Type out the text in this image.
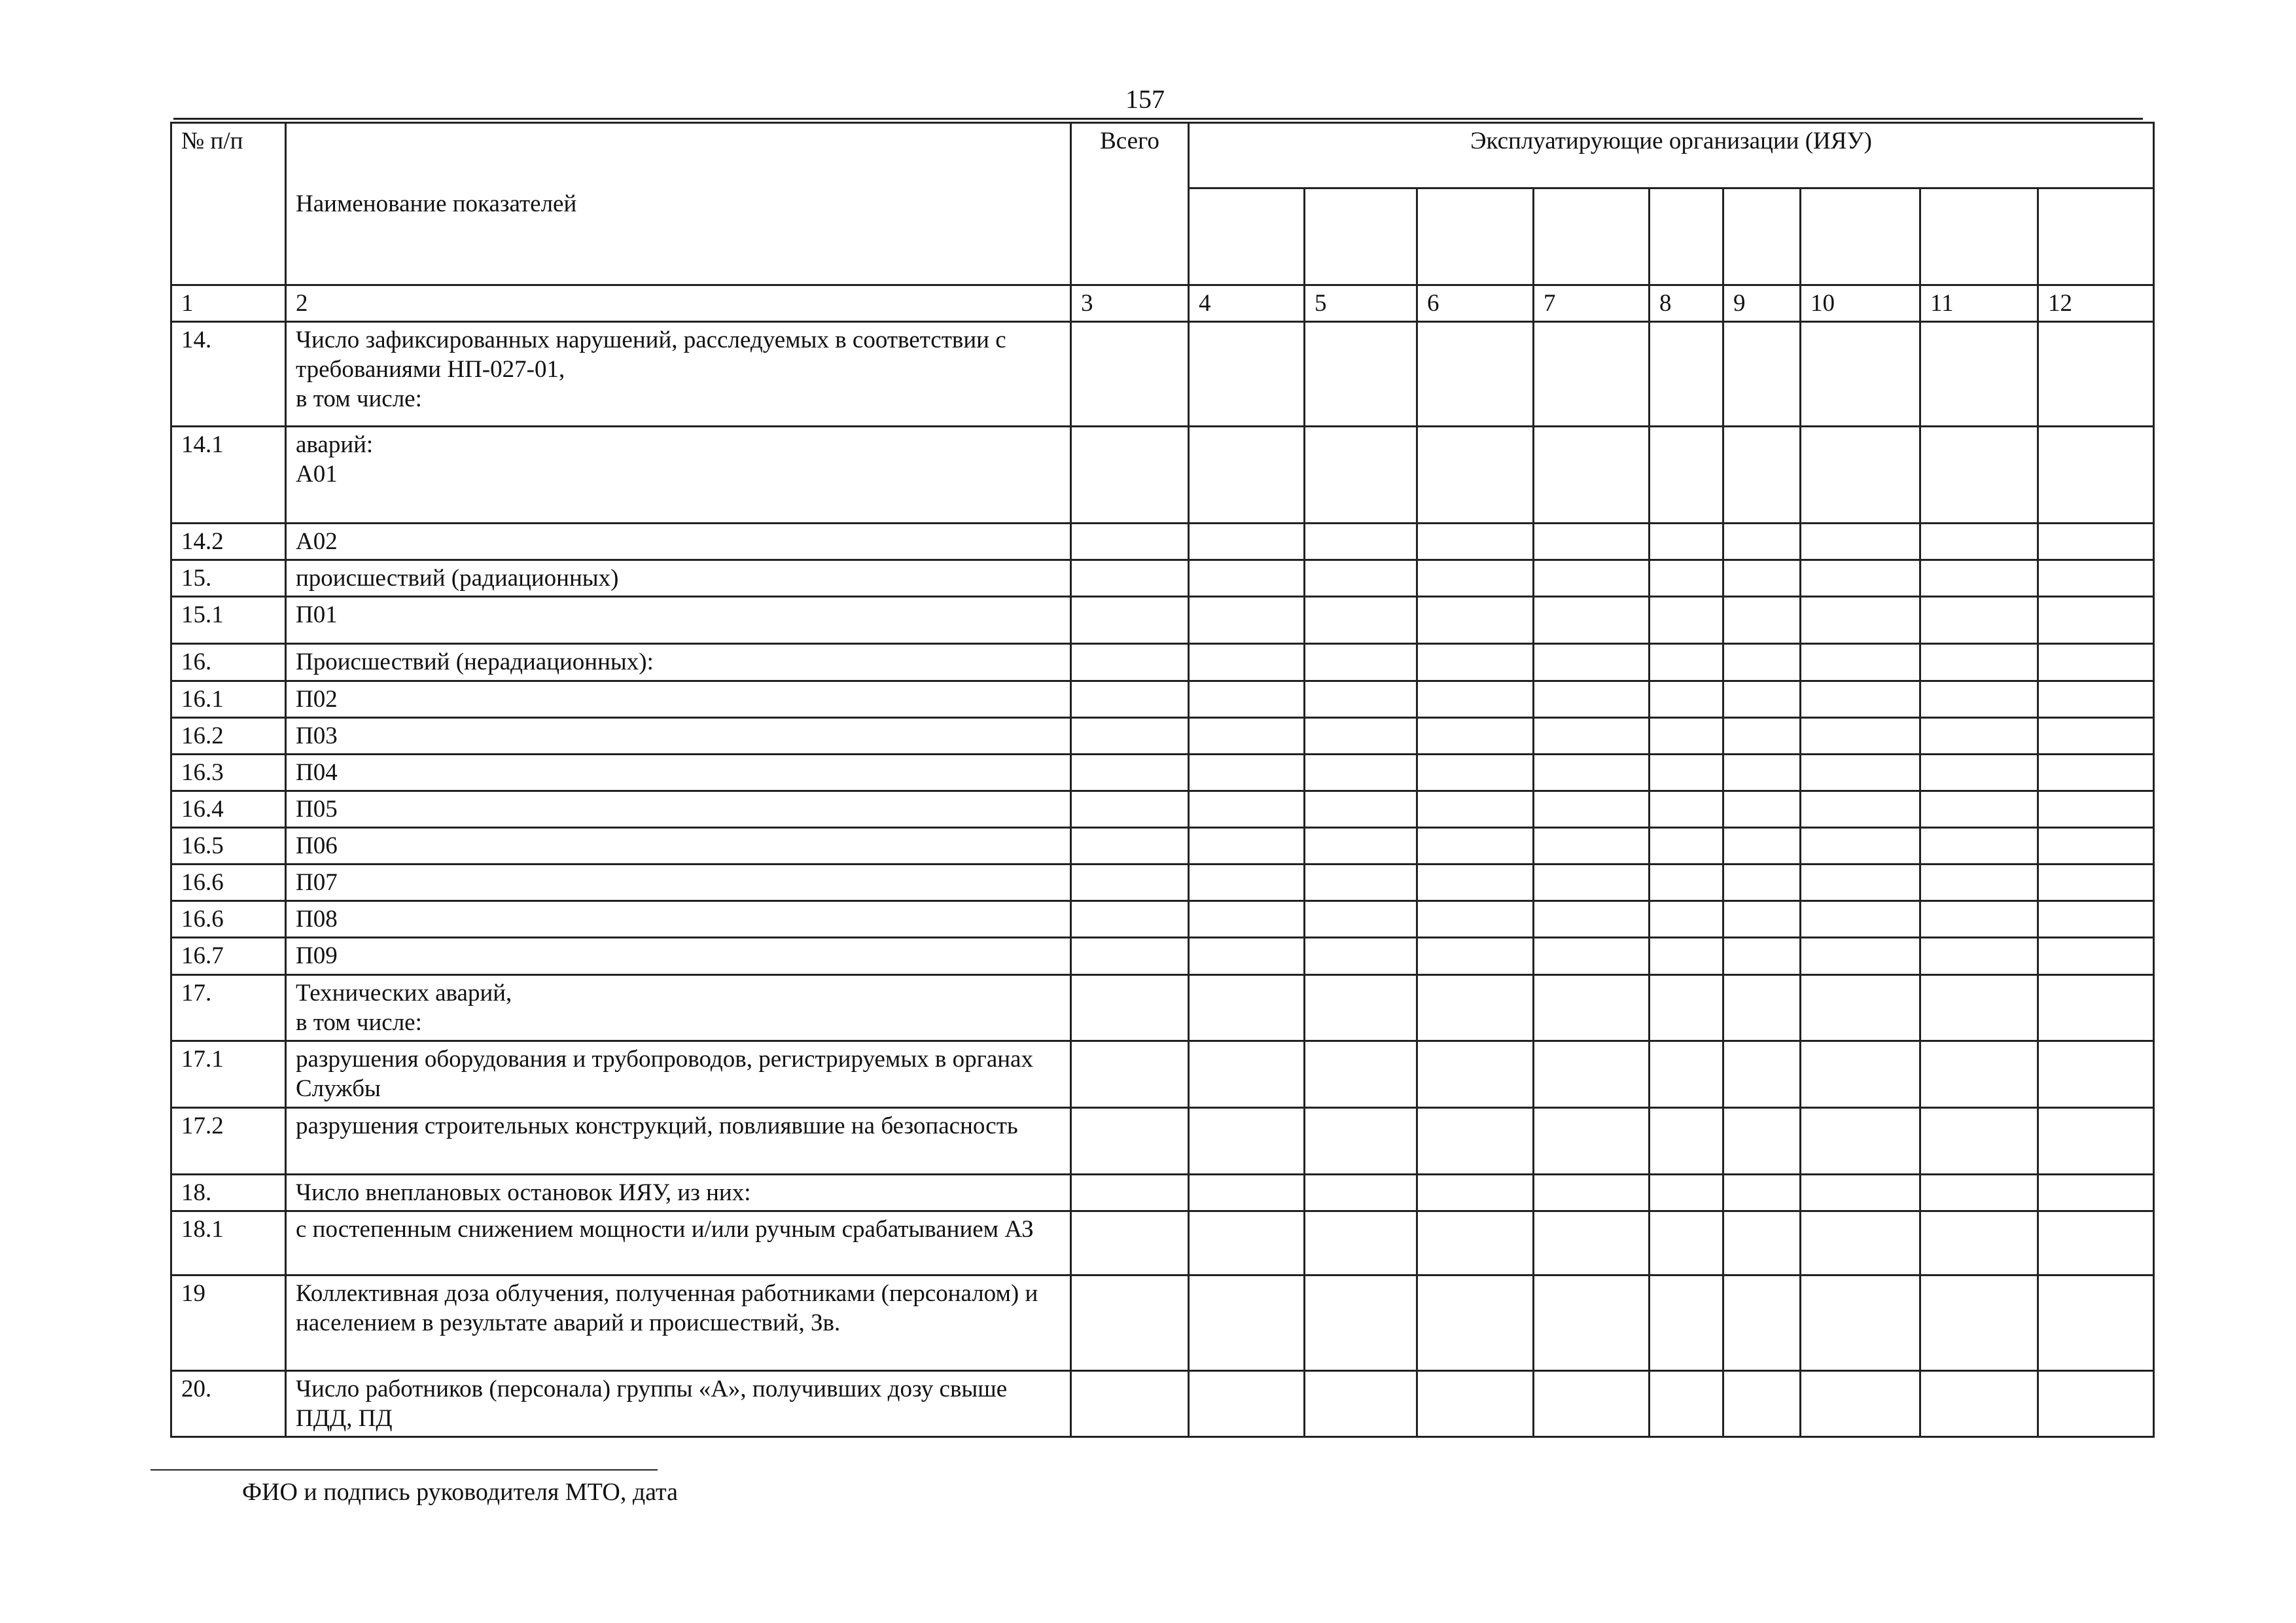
157
№ п/п	Наименование показателей	Всего	Эксплуатирующие организации (ИЯУ)								

1	2	3	4	5	6	7	8	9	10	11	12
14.	Число зафиксированных нарушений, расследуемых в соответствии с требованиями НП-027-01,
в том числе:										
14.1	аварий:
А01										
14.2	А02										
15.	происшествий (радиационных)										
15.1	П01										
16.	Происшествий (нерадиационных):										
16.1	П02										
16.2	П03										
16.3	П04										
16.4	П05										
16.5	П06										
16.6	П07										
16.6	П08										
16.7	П09										
17.	Технических аварий,
в том числе:										
17.1	разрушения оборудования и трубопроводов, регистрируемых в органах Службы										
17.2	разрушения строительных конструкций, повлиявшие на безопасность										
18.	Число внеплановых остановок ИЯУ, из них:										
18.1	с постепенным снижением мощности и/или ручным срабатыванием АЗ										
19	Коллективная доза облучения, полученная работниками (персоналом) и населением в результате аварий и происшествий, Зв.										
20.	Число работников (персонала) группы «А», получивших дозу свыше ПДД, ПД										
ФИО и подпись руководителя МТО, дата
